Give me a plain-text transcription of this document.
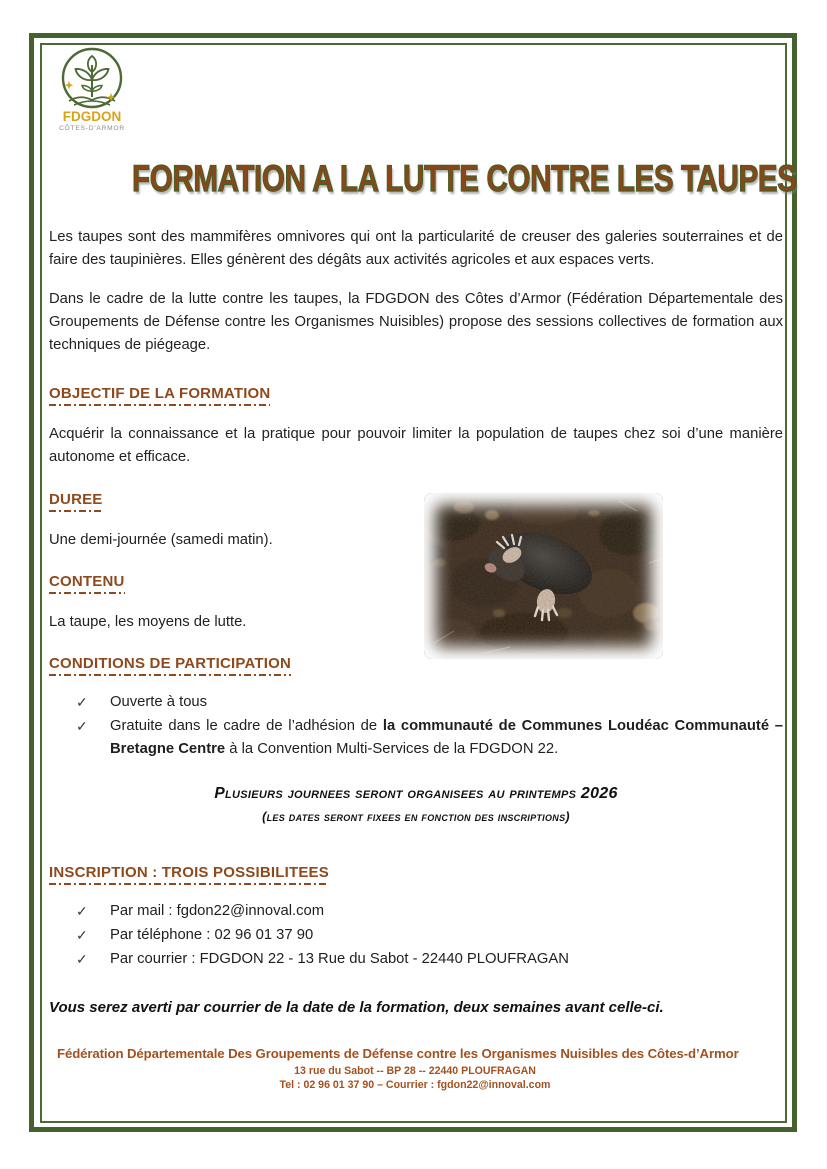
FDGDON
CÔTES-D'ARMOR
FORMATION A LA LUTTE CONTRE LES TAUPES

Les taupes sont des mammifères omnivores qui ont la particularité de creuser des galeries souterraines et de faire des taupinières. Elles génèrent des dégâts aux activités agricoles et aux espaces verts.

Dans le cadre de la lutte contre les taupes, la FDGDON des Côtes d’Armor (Fédération Départementale des Groupements de Défense contre les Organismes Nuisibles) propose des sessions collectives de formation aux techniques de piégeage.

OBJECTIF DE LA FORMATION

Acquérir la connaissance et la pratique pour pouvoir limiter la population de taupes chez soi d’une manière autonome et efficace.

DUREE

Une demi-journée (samedi matin).

CONTENU

La taupe, les moyens de lutte.

CONDITIONS DE PARTICIPATION
✓	Ouverte à tous
✓	Gratuite dans le cadre de l’adhésion de la communauté de Communes Loudéac Communauté – Bretagne Centre à la Convention Multi-Services de la FDGDON 22.
Plusieurs journees seront organisees au printemps 2026
(les dates seront fixees en fonction des inscriptions)
INSCRIPTION : TROIS POSSIBILITEES
✓	Par mail : fgdon22@innoval.com
✓	Par téléphone : 02 96 01 37 90
✓	Par courrier : FDGDON 22 - 13 Rue du Sabot - 22440 PLOUFRAGAN

Vous serez averti par courrier de la date de la formation, deux semaines avant celle-ci.

Fédération Départementale Des Groupements de Défense contre les Organismes Nuisibles des Côtes-d’Armor
13 rue du Sabot -- BP 28 -- 22440 PLOUFRAGAN
Tel : 02 96 01 37 90 – Courrier : fgdon22@innoval.com
